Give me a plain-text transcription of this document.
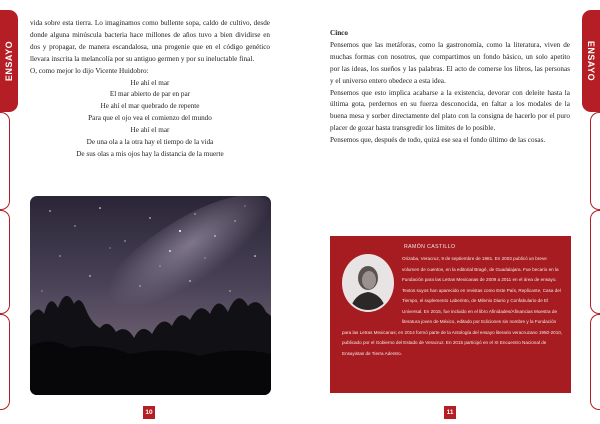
ENSAYO	ENSAYO

vida sobre esta tierra. Lo imaginamos como bullente sopa, caldo de cultivo, desde donde alguna minúscula bacteria hace millones de años tuvo a bien dividirse en dos y propagar, de manera escandalosa, una progenie que en el código genético llevara inscrita la melancolía por su antiguo germen y por su ineluctable final.

O, como mejor lo dijo Vicente Huidobro:

He ahí el mar
El mar abierto de par en par
He ahí el mar quebrado de repente
Para que el ojo vea el comienzo del mundo
He ahí el mar
De una ola a la otra hay el tiempo de la vida
De sus olas a mis ojos hay la distancia de la muerte
10
Cinco

Pensemos que las metáforas, como la gastronomía, como la literatura, viven de muchas formas con nosotros, que compartimos un fondo básico, un solo apetito por las ideas, los sueños y las palabras. El acto de comerse los libros, las personas y el universo entero obedece a esta idea.

Pensemos que esto implica acabarse a la existencia, devorar con deleite hasta la última gota, perdernos en su fuerza desconocida, en faltar a los modales de la buena mesa y sorber directamente del plato con la consigna de hacerlo por el puro placer de gozar hasta transgredir los límites de lo posible.

Pensemos que, después de todo, quizá ese sea el fondo último de las cosas.

RAMÓN CASTILLO
Orizaba, Veracruz, 9 de septiembre de 1981. En 2003 publicó un breve volumen de cuentos, en la editorial Bragé, de Guadalajara. Fue becario en la Fundación para las Letras Mexicanas de 2009 a 2011 en el área de ensayo. Textos suyos han aparecido en revistas como Este País, Replicante, Casa del Tiempo, el suplemento Laberinto, de Milenio Diario y Confabulario de El Universal. En 2015, fue incluido en el libro Afinidades/Afinancias Muestra de literatura joven de México, editado por Ediciones sin nombre y la Fundación para las Letras Mexicanas; en 2014 formó parte de la Antología del ensayo literario veracruzano 1950-2010, publicado por el Gobierno del Estado de Veracruz. En 2015 participó en el XI Encuentro Nacional de Ensayistas de Tierra Adentro.
11
